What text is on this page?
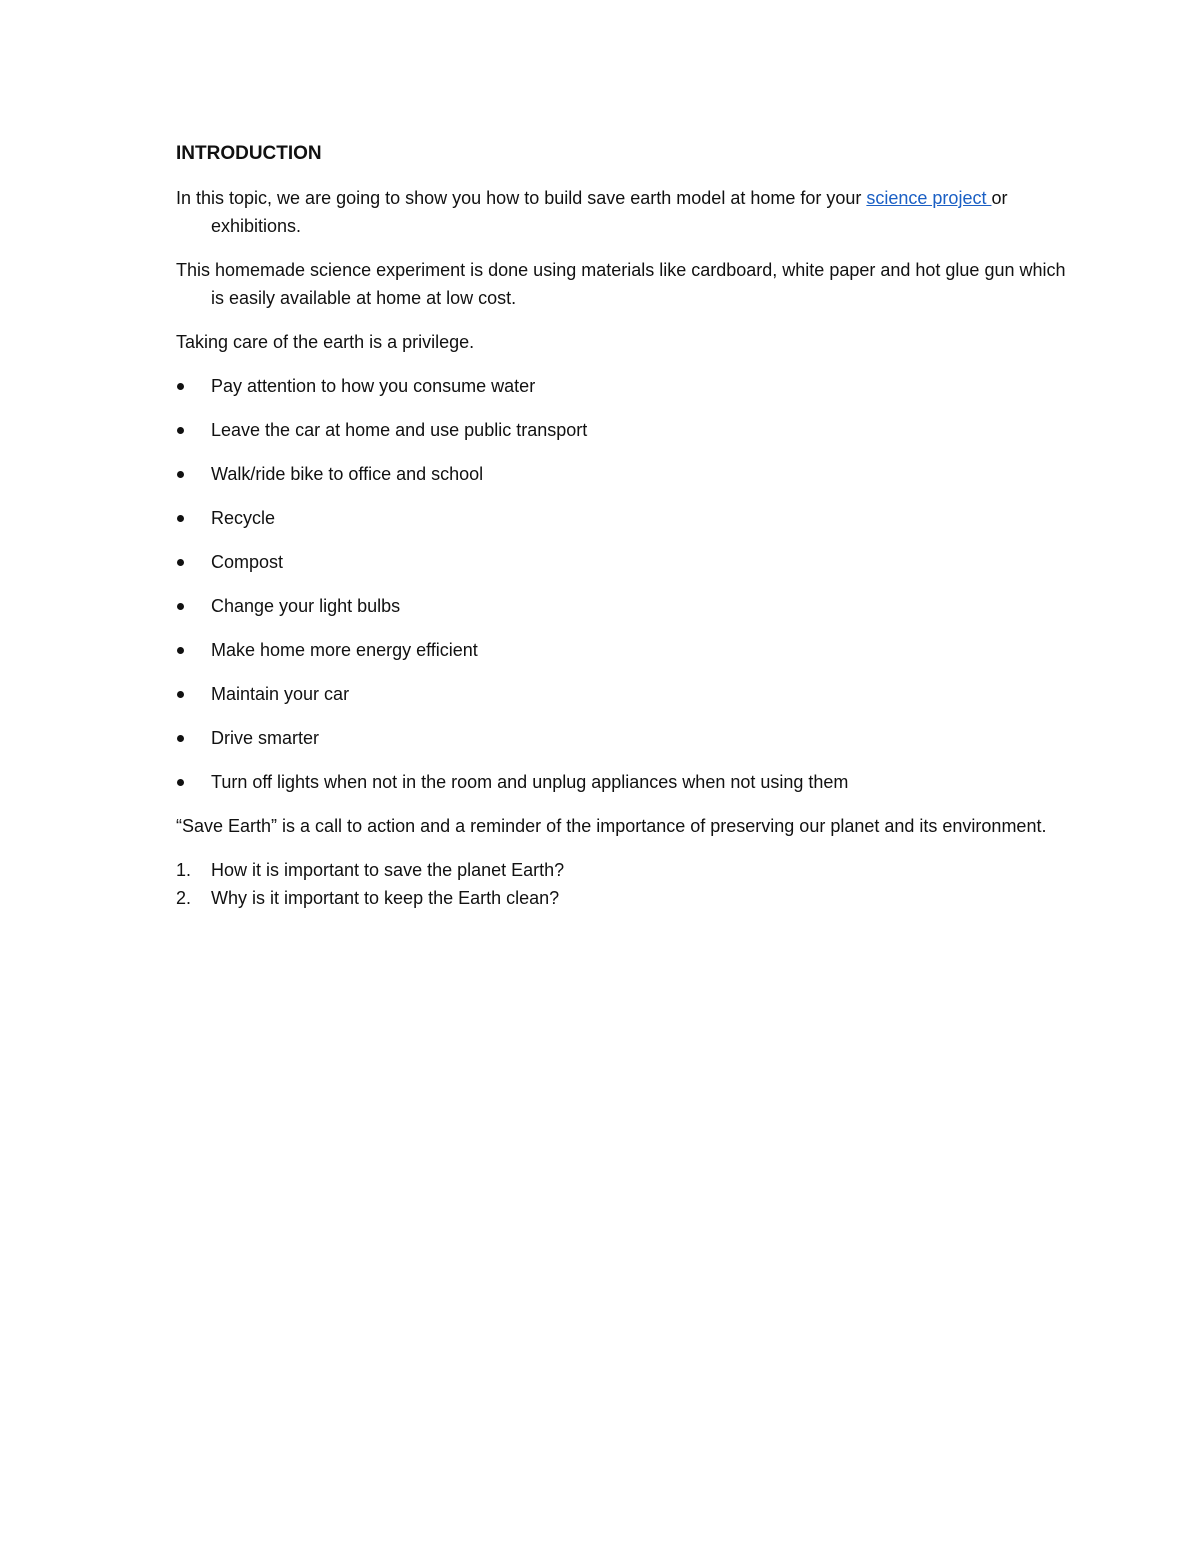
INTRODUCTION

In this topic, we are going to show you how to build save earth model at home for your science project or exhibitions.

This homemade science experiment is done using materials like cardboard, white paper and hot glue gun which is easily available at home at low cost.

Taking care of the earth is a privilege.

Pay attention to how you consume water
Leave the car at home and use public transport
Walk/ride bike to office and school
Recycle
Compost
Change your light bulbs
Make home more energy efficient
Maintain your car
Drive smarter
Turn off lights when not in the room and unplug appliances when not using them

“Save Earth” is a call to action and a reminder of the importance of preserving our planet and its environment.

1. How it is important to save the planet Earth?
2. Why is it important to keep the Earth clean?
